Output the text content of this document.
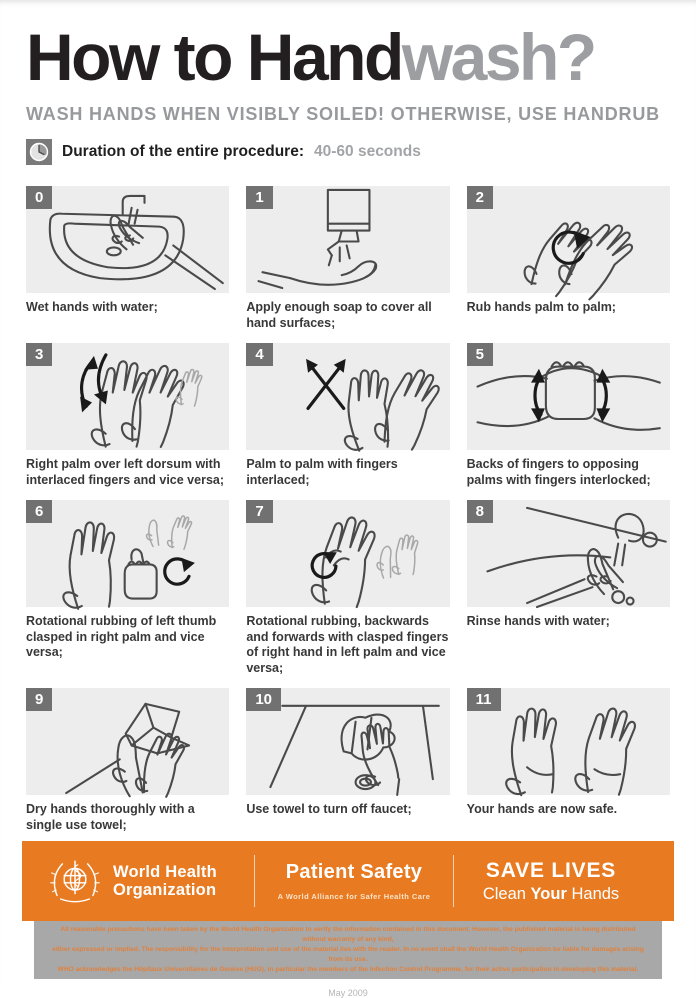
How to Handwash?
WASH HANDS WHEN VISIBLY SOILED! OTHERWISE, USE HANDRUB
Duration of the entire procedure: 40-60 seconds
0
Wet hands with water;
1
Apply enough soap to cover all hand surfaces;
2
Rub hands palm to palm;
3
Right palm over left dorsum with interlaced fingers and vice versa;
4
Palm to palm with fingers interlaced;
5
Backs of fingers to opposing palms with fingers interlocked;
6
Rotational rubbing of left thumb clasped in right palm and vice versa;
7
Rotational rubbing, backwards and forwards with clasped fingers of right hand in left palm and vice versa;
8
Rinse hands with water;
9
Dry hands thoroughly with a single use towel;
10
Use towel to turn off faucet;
11
Your hands are now safe.
World Health
Organization
Patient Safety
A World Alliance for Safer Health Care
SAVE LIVES
Clean Your Hands
All reasonable precautions have been taken by the World Health Organization to verify the information contained in this document. However, the published material is being distributed without warranty of any kind,
either expressed or implied. The responsibility for the interpretation and use of the material lies with the reader. In no event shall the World Health Organization be liable for damages arising from its use.
WHO acknowledges the Hôpitaux Universitaires de Genève (HUG), in particular the members of the Infection Control Programme, for their active participation in developing this material.
May 2009
